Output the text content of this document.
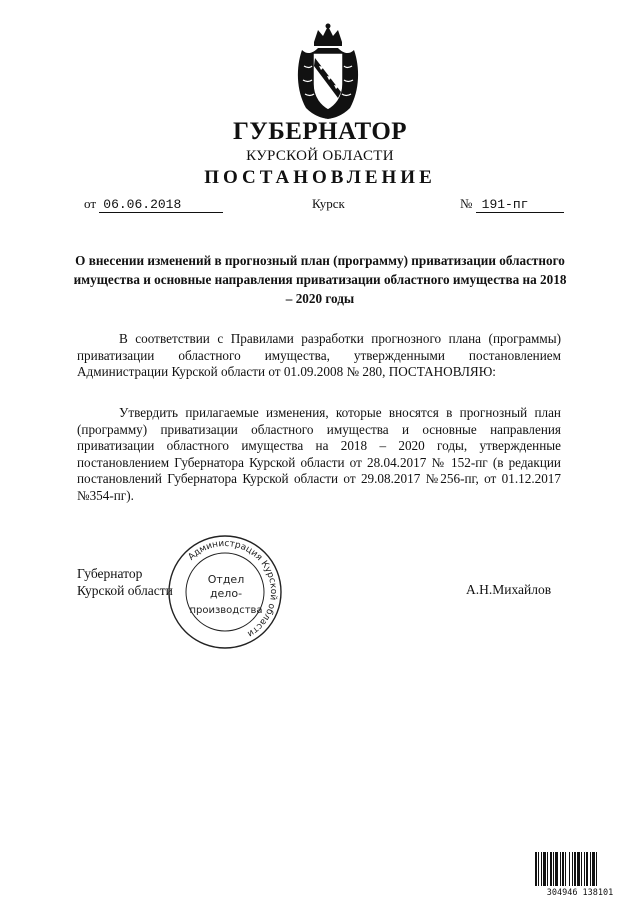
ГУБЕРНАТОР
КУРСКОЙ ОБЛАСТИ
ПОСТАНОВЛЕНИЕ
от 06.06.2018	Курск	№ 191-пг
О внесении изменений в прогнозный план (программу) приватизации областного имущества и основные направления приватизации областного имущества на 2018 – 2020 годы

В соответствии с Правилами разработки прогнозного плана (программы) приватизации областного имущества, утвержденными постановлением Администрации Курской области от 01.09.2008 № 280, ПОСТАНОВЛЯЮ:

Утвердить прилагаемые изменения, которые вносятся в прогнозный план (программу) приватизации областного имущества и основные направления приватизации областного имущества на 2018 – 2020 годы, утвержденные постановлением Губернатора Курской области от 28.04.2017 № 152-пг (в редакции постановлений Губернатора Курской области от 29.08.2017 №256-пг, от 01.12.2017 №354-пг).

Губернатор
Курской области	А.Н.Михайлов
Администрация Курской области
Отдел
дело-
производства
304946 138101
